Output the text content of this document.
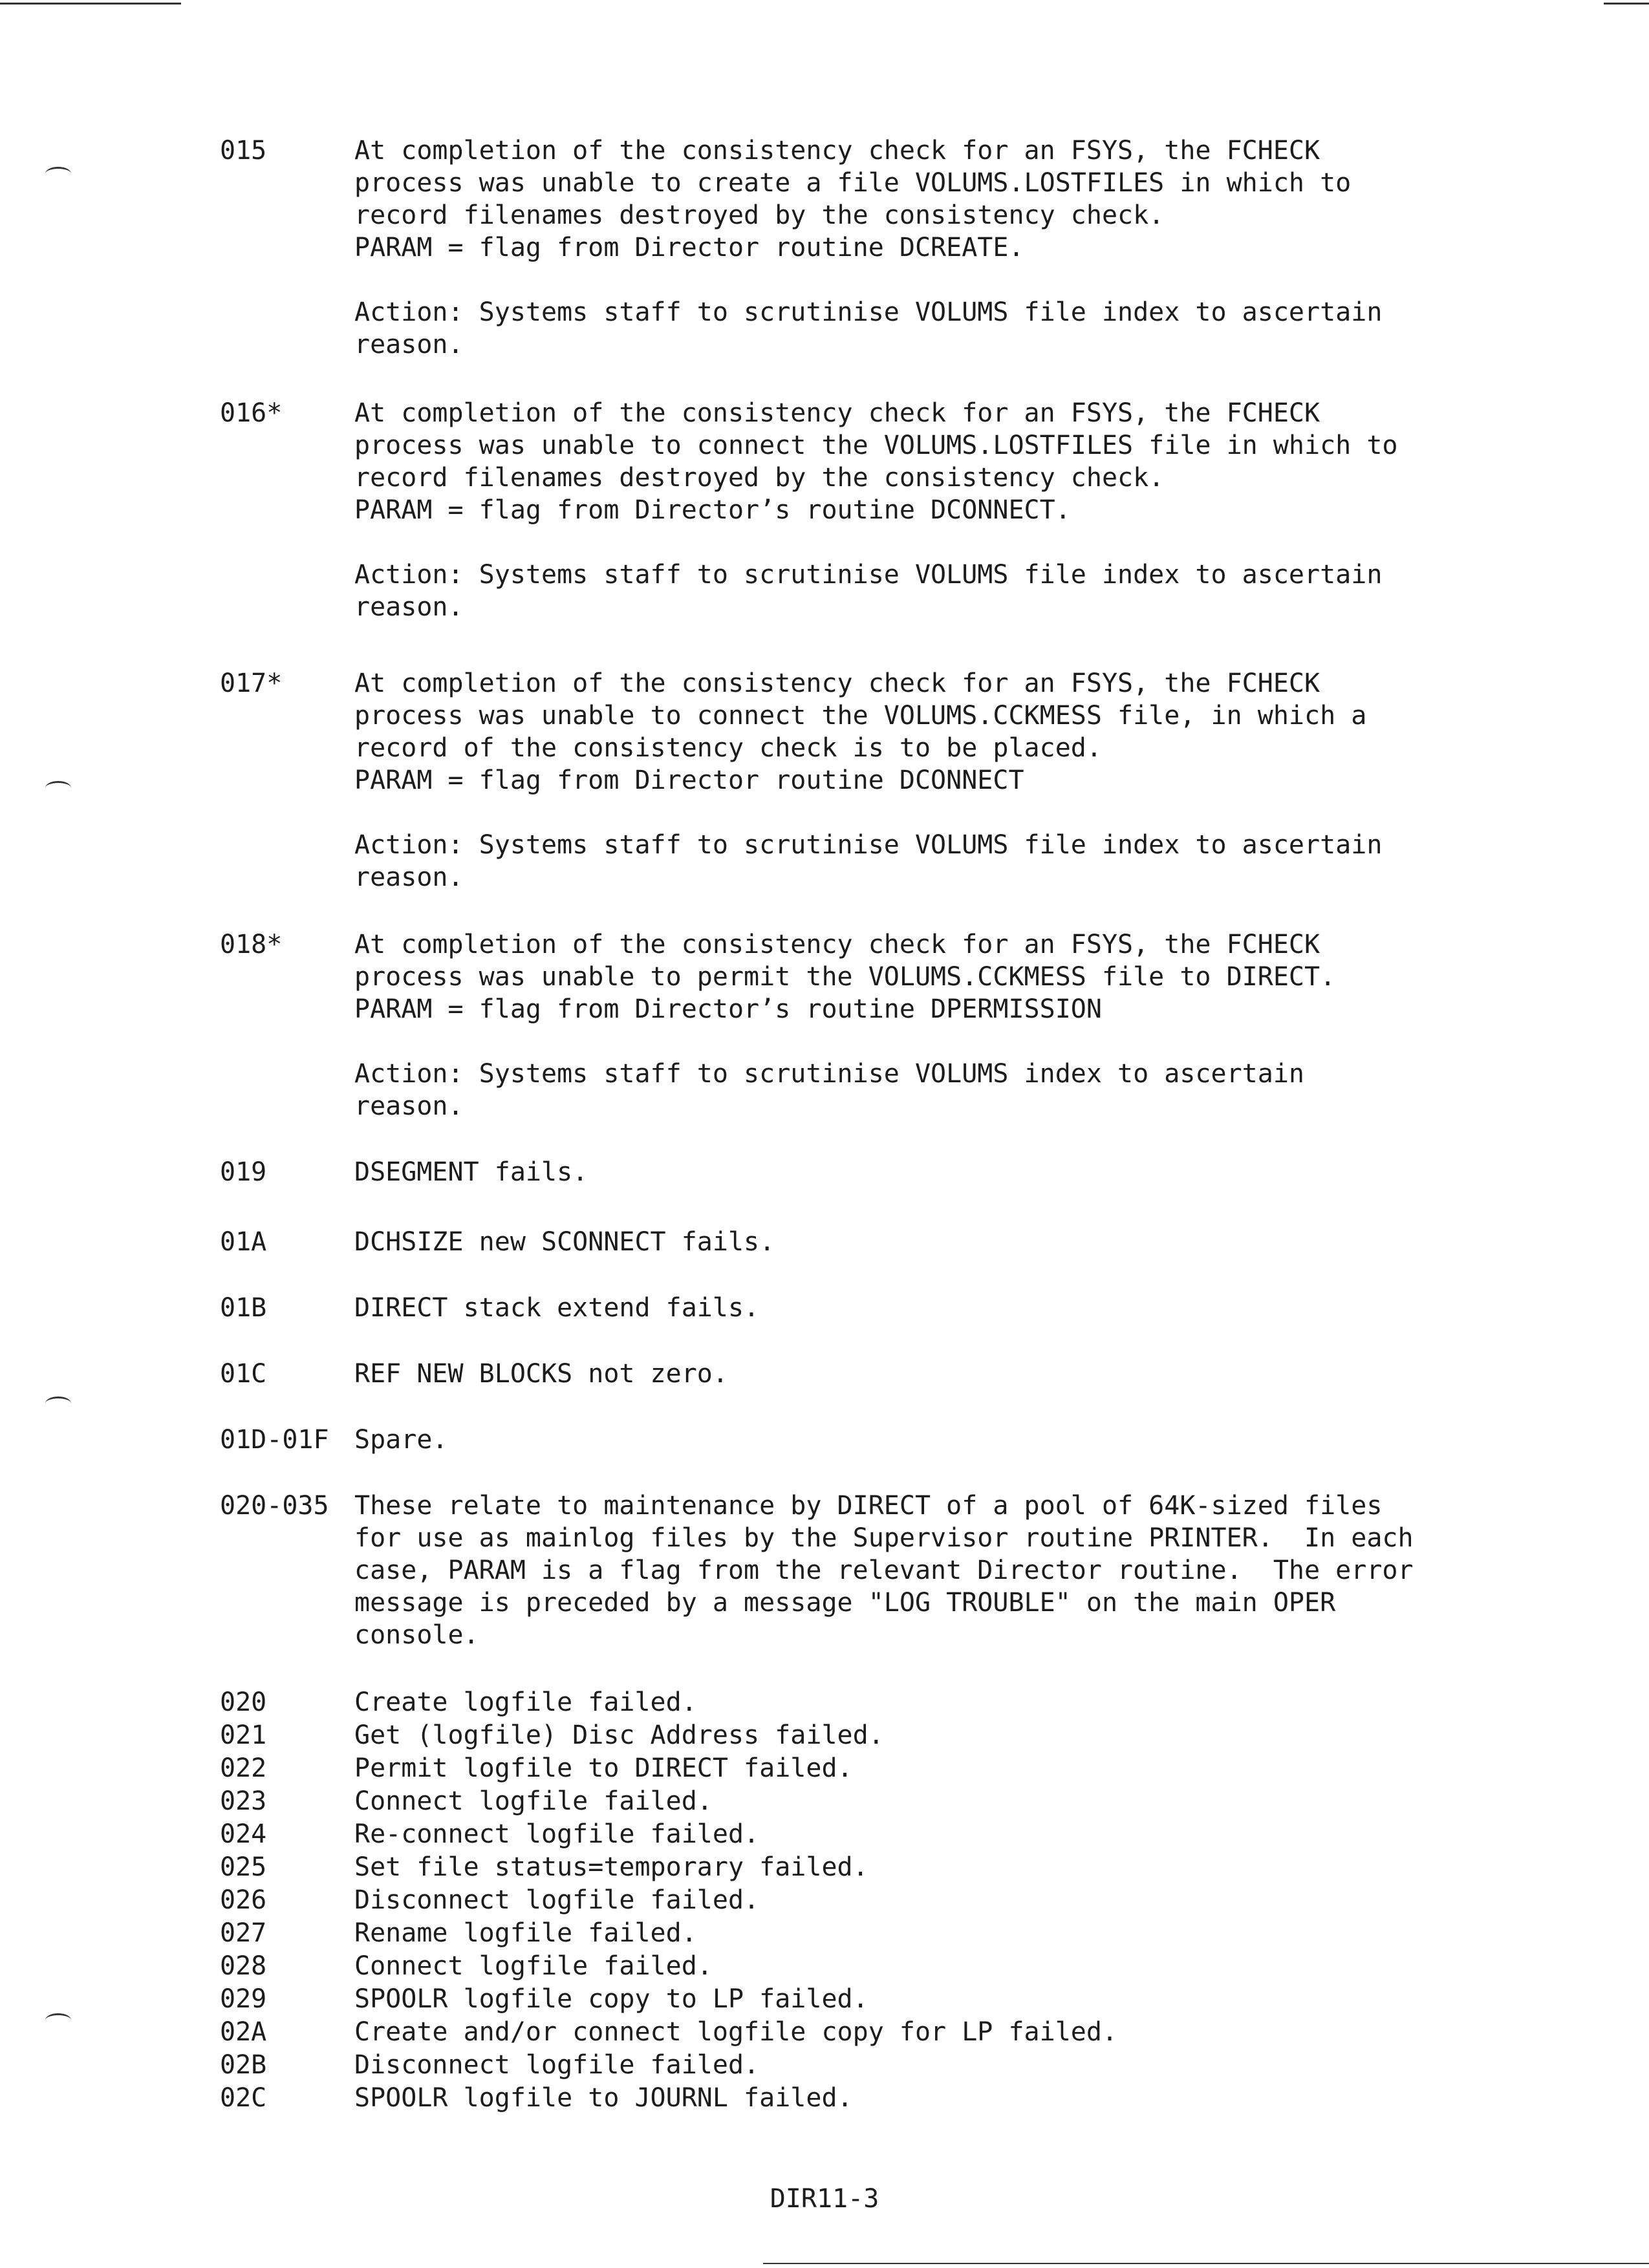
015	At completion of the consistency check for an FSYS, the FCHECK

process was unable to create a file VOLUMS.LOSTFILES in which to

record filenames destroyed by the consistency check.

PARAM = flag from Director routine DCREATE.

Action: Systems staff to scrutinise VOLUMS file index to ascertain

reason.

016*	At completion of the consistency check for an FSYS, the FCHECK

process was unable to connect the VOLUMS.LOSTFILES file in which to

record filenames destroyed by the consistency check.

PARAM = flag from Director’s routine DCONNECT.

Action: Systems staff to scrutinise VOLUMS file index to ascertain

reason.

017*	At completion of the consistency check for an FSYS, the FCHECK

process was unable to connect the VOLUMS.CCKMESS file, in which a

record of the consistency check is to be placed.

PARAM = flag from Director routine DCONNECT

Action: Systems staff to scrutinise VOLUMS file index to ascertain

reason.

018*	At completion of the consistency check for an FSYS, the FCHECK

process was unable to permit the VOLUMS.CCKMESS file to DIRECT.

PARAM = flag from Director’s routine DPERMISSION

Action: Systems staff to scrutinise VOLUMS index to ascertain

reason.

019	DSEGMENT fails.

01A	DCHSIZE new SCONNECT fails.

01B	DIRECT stack extend fails.

01C	REF NEW BLOCKS not zero.

01D-01F Spare.

020-035 These relate to maintenance by DIRECT of a pool of 64K-sized files

for use as mainlog files by the Supervisor routine PRINTER.  In each

case, PARAM is a flag from the relevant Director routine.  The error

message is preceded by a message "LOG TROUBLE" on the main OPER

console.

020	Create logfile failed.
021	Get (logfile) Disc Address failed.
022	Permit logfile to DIRECT failed.
023	Connect logfile failed.
024	Re-connect logfile failed.
025	Set file status=temporary failed.
026	Disconnect logfile failed.
027	Rename logfile failed.
028	Connect logfile failed.
029	SPOOLR logfile copy to LP failed.
02A	Create and/or connect logfile copy for LP failed.
02B	Disconnect logfile failed.
02C	SPOOLR logfile to JOURNL failed.
DIR11-3
